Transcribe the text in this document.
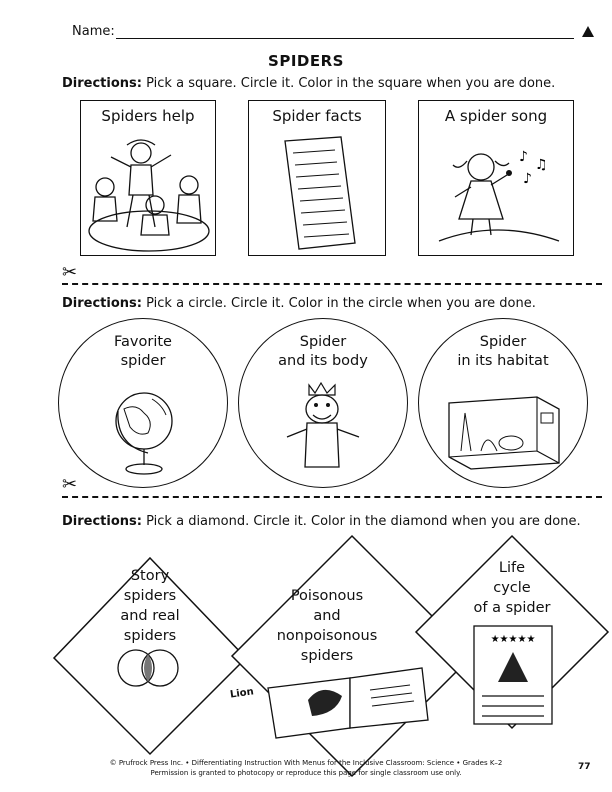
Name:
SPIDERS
Directions: Pick a square. Circle it. Color in the square when you are done.
Spiders help	Spider facts	A spider song
♪ ♫
♪
✂
Directions: Pick a circle. Circle it. Color in the circle when you are done.
Favorite
spider
Spider
and its body
Spider
in its habitat
✂
Directions: Pick a diamond. Circle it. Color in the diamond when you are done.
★★★★★
Lion
Story
spiders
and real
spiders
Poisonous
and
nonpoisonous
spiders
Life
cycle
of a spider
© Prufrock Press Inc. • Differentiating Instruction With Menus for the Inclusive Classroom: Science • Grades K–2
Permission is granted to photocopy or reproduce this page for single classroom use only.
77
